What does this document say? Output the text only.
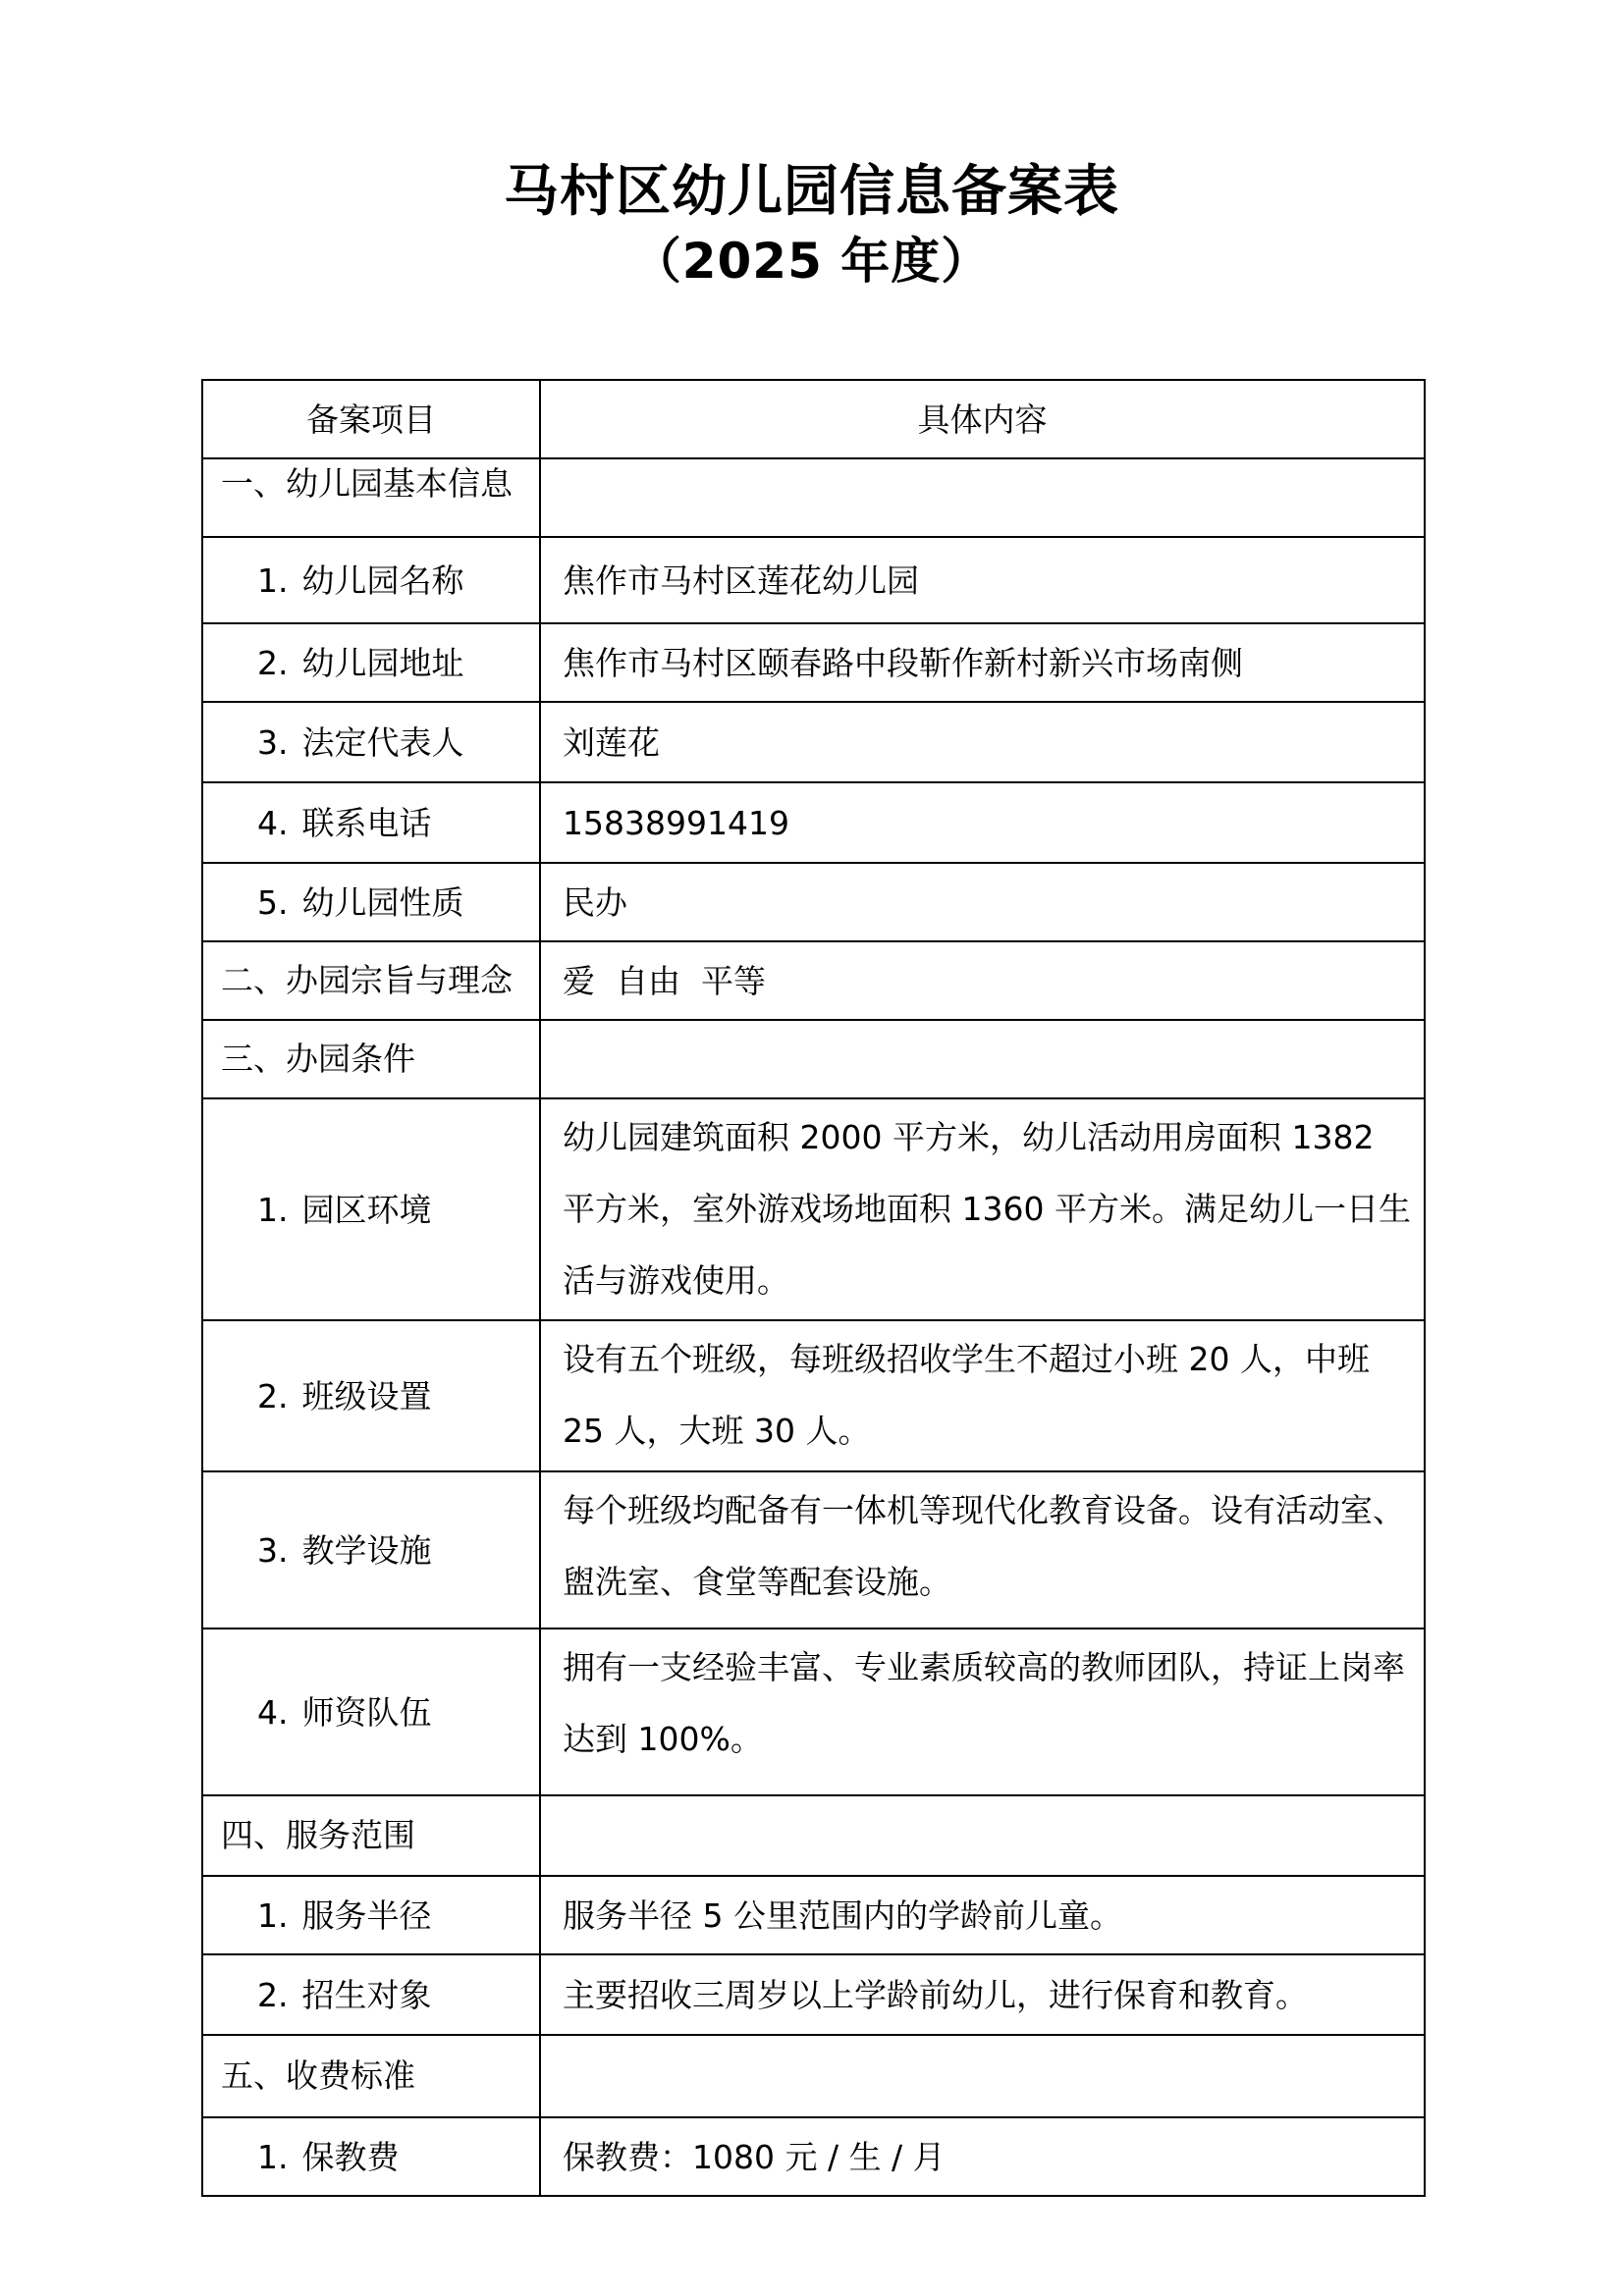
马村区幼儿园信息备案表
（2025 年度）
备案项目	具体内容
一、幼儿园基本信息	
1. 幼儿园名称	焦作市马村区莲花幼儿园
2. 幼儿园地址	焦作市马村区颐春路中段靳作新村新兴市场南侧
3. 法定代表人	刘莲花
4. 联系电话	15838991419
5. 幼儿园性质	民办
二、办园宗旨与理念	爱  自由  平等
三、办园条件	
1. 园区环境	幼儿园建筑面积 2000 平方米，幼儿活动用房面积 1382 平方米，室外游戏场地面积 1360 平方米。满足幼儿一日生活与游戏使用。
2. 班级设置	设有五个班级，每班级招收学生不超过小班 20 人，中班 25 人，大班 30 人。
3. 教学设施	每个班级均配备有一体机等现代化教育设备。设有活动室、盥洗室、食堂等配套设施。
4. 师资队伍	拥有一支经验丰富、专业素质较高的教师团队，持证上岗率达到 100%。
四、服务范围	
1. 服务半径	服务半径 5 公里范围内的学龄前儿童。
2. 招生对象	主要招收三周岁以上学龄前幼儿，进行保育和教育。
五、收费标准	
1. 保教费	保教费：1080 元 / 生 / 月
